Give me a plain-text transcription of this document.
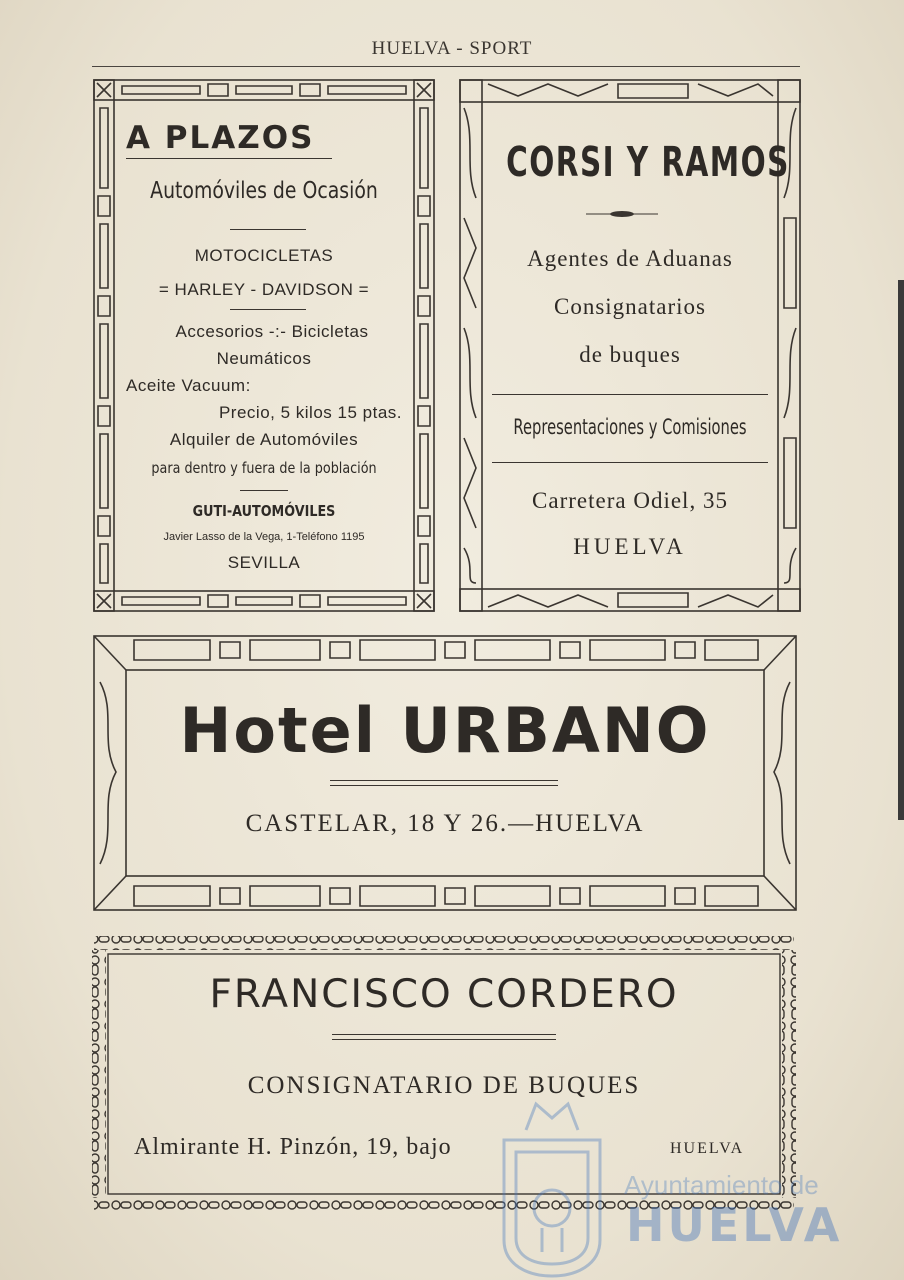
HUELVA - SPORT
A PLAZOS
Automóviles de Ocasión
MOTOCICLETAS
= HARLEY - DAVIDSON =
Accesorios -:- Bicicletas
Neumáticos
Aceite Vacuum:
Precio, 5 kilos 15 ptas.
Alquiler de Automóviles
para dentro y fuera de la población
GUTI-AUTOMÓVILES
Javier Lasso de la Vega, 1-Teléfono 1195
SEVILLA
CORSI Y RAMOS
Agentes de Aduanas
Consignatarios
de buques
Representaciones y Comisiones
Carretera Odiel, 35
HUELVA
Hotel URBANO
CASTELAR, 18 Y 26.—HUELVA
FRANCISCO CORDERO
CONSIGNATARIO DE BUQUES
Almirante H. Pinzón, 19, bajo	HUELVA
Ayuntamiento de
HUELVA
